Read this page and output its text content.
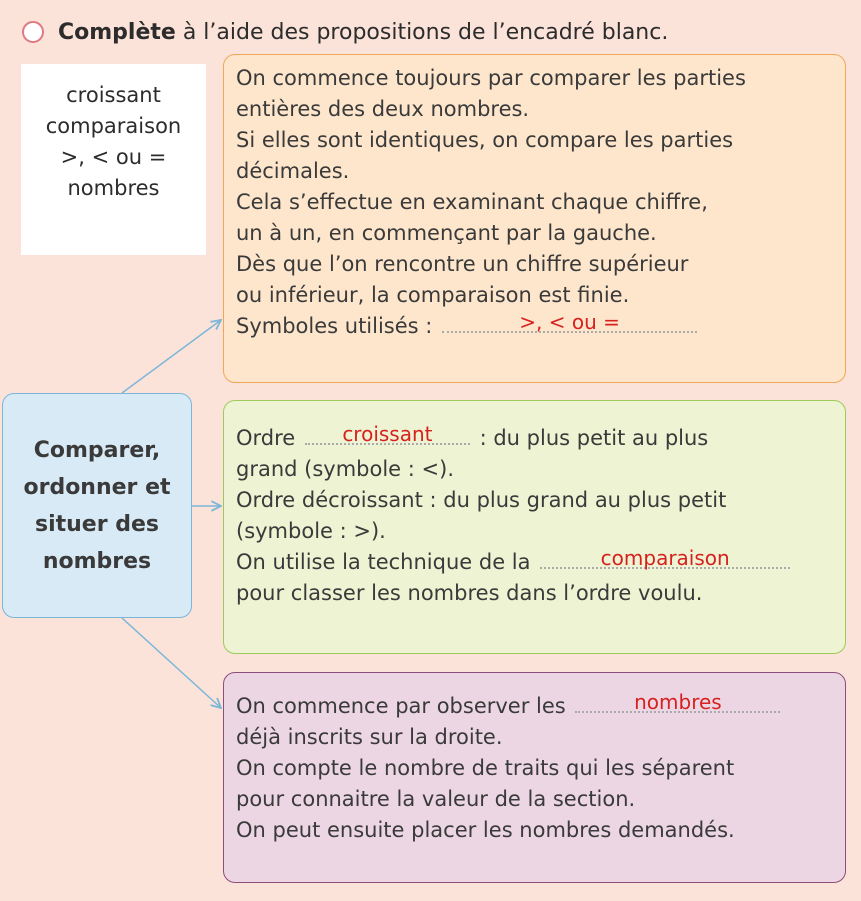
Complète à l’aide des propositions de l’encadré blanc.
croissant
comparaison
>, < ou =
nombres

On commence toujours par comparer les parties

entières des deux nombres.

Si elles sont identiques, on compare les parties

décimales.

Cela s’effectue en examinant chaque chiffre,

un à un, en commençant par la gauche.

Dès que l’on rencontre un chiffre supérieur

ou inférieur, la comparaison est finie.

Symboles utilisés :	>, < ou =

Comparer,
ordonner et
situer des
nombres

Ordre	croissant	: du plus petit au plus

grand (symbole : <).

Ordre décroissant : du plus grand au plus petit

(symbole : >).

On utilise la technique de la	comparaison

pour classer les nombres dans l’ordre voulu.

On commence par observer les	nombres

déjà inscrits sur la droite.

On compte le nombre de traits qui les séparent

pour connaitre la valeur de la section.

On peut ensuite placer les nombres demandés.
